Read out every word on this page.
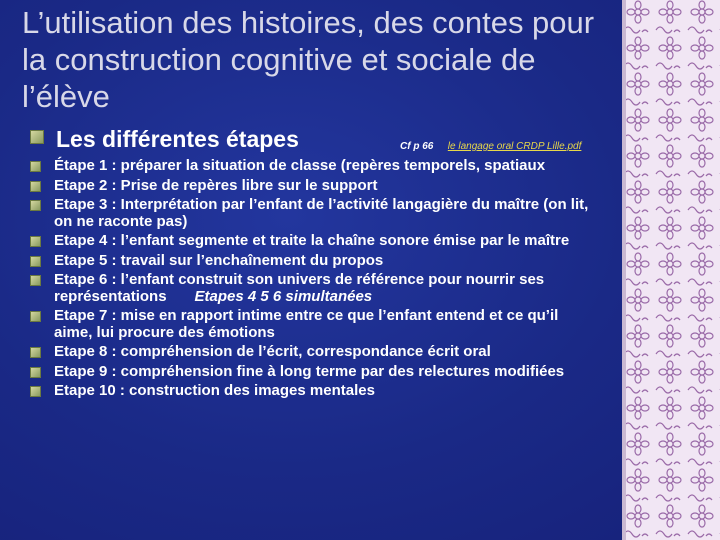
L’utilisation des histoires, des contes pour la construction cognitive et sociale de l’élève
Les différentes étapes	Cf p 66 le langage oral CRDP Lille.pdf
Étape 1 : préparer la situation de classe (repères temporels, spatiaux
Etape 2 : Prise de repères libre sur le support
Etape 3 : Interprétation par l’enfant de l’activité langagière du maître (on lit, on ne raconte pas)
Etape 4 : l’enfant segmente et traite la chaîne sonore émise par le maître
Etape 5 : travail sur l’enchaînement du propos
Etape 6 : l’enfant construit son univers de référence pour nourrir ses représentations Etapes 4 5 6 simultanées
Etape 7 : mise en rapport intime entre ce que l’enfant entend et ce qu’il aime, lui procure des émotions
Etape 8 : compréhension de l’écrit, correspondance écrit oral
Etape 9 : compréhension fine à long terme par des relectures modifiées
Etape 10 : construction des images mentales
